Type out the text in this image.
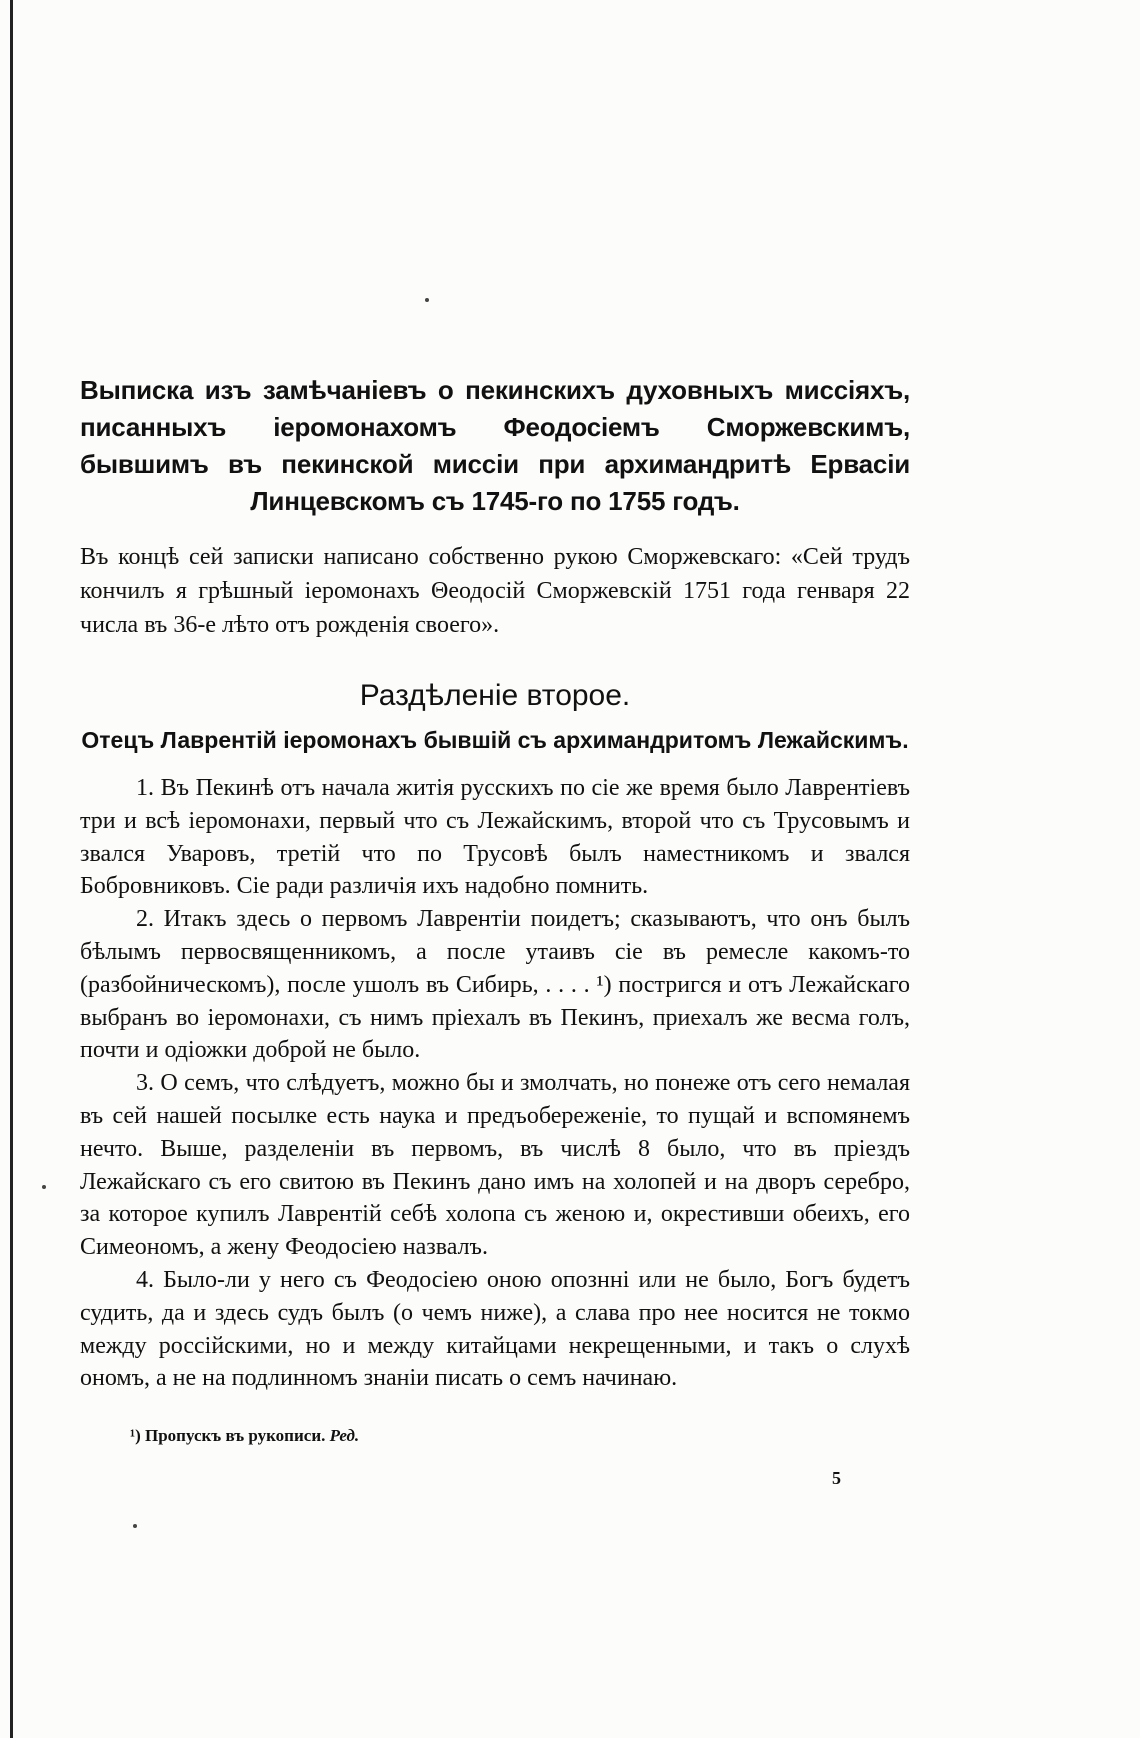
Выписка изъ замѣчанiевъ о пекинскихъ духовныхъ миссiяхъ, писанныхъ iеромонахомъ Феодосiемъ Сморжевскимъ, бывшимъ въ пекинской миссiи при архимандритѣ Ервасiи Линцевскомъ съ 1745-го по 1755 годъ.
Въ концѣ сей записки написано собственно рукою Сморжевскаго: «Сей трудъ кончилъ я грѣшный iеромонахъ Θеодосiй Сморжевскiй 1751 года генваря 22 числа въ 36-е лѣто отъ рожденiя своего».
Раздѣленiе второе.
Отецъ Лаврентiй iеромонахъ бывшiй съ архимандритомъ Лежайскимъ.

1. Въ Пекинѣ отъ начала житiя русскихъ по сiе же время было Лаврентiевъ три и всѣ iеромонахи, первый что съ Лежайскимъ, второй что съ Трусовымъ и звался Уваровъ, третiй что по Трусовѣ былъ наместникомъ и звался Бобровниковъ. Сiе ради различiя ихъ надобно помнить.

2. Итакъ здесь о первомъ Лаврентiи поидетъ; сказываютъ, что онъ былъ бѣлымъ первосвященникомъ, а после утаивъ сiе въ ремесле какомъ-то (разбойническомъ), после ушолъ въ Сибирь, . . . . ¹) постригся и отъ Лежайскаго выбранъ во iеромонахи, съ нимъ прiехалъ въ Пекинъ, приехалъ же весма голъ, почти и одiожки доброй не было.

3. О семъ, что слѣдуетъ, можно бы и змолчать, но понеже отъ сего немалая въ сей нашей посылке есть наука и предъобереженiе, то пущай и вспомянемъ нечто. Выше, разделенiи въ первомъ, въ числѣ 8 было, что въ прiездъ Лежайскаго съ его свитою въ Пекинъ дано имъ на холопей и на дворъ серебро, за которое купилъ Лаврентiй себѣ холопа съ женою и, окрестивши обеихъ, его Симеономъ, а жену Феодосiею назвалъ.

4. Было-ли у него съ Феодосiею оною опозннi или не было, Богъ будетъ судить, да и здесь судъ былъ (о чемъ ниже), а слава про нее носится не токмо между россiйскими, но и между китайцами некрещенными, и такъ о слухѣ ономъ, а не на подлинномъ знанiи писать о семъ начинаю.

¹) Пропускъ въ рукописи. Ред.
5
